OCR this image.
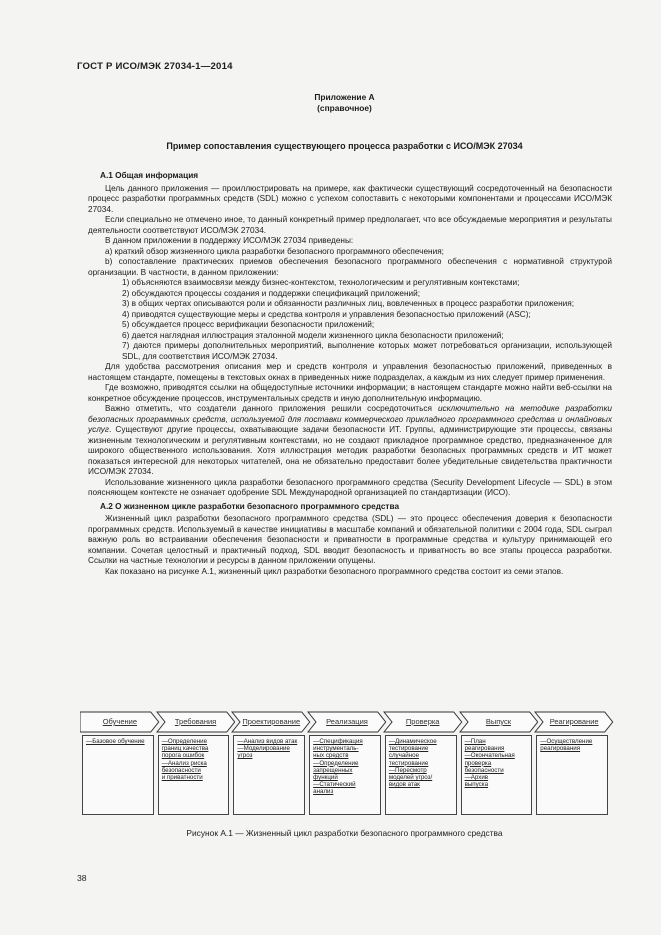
ГОСТ Р ИСО/МЭК 27034-1—2014
Приложение А
(справочное)
Пример сопоставления существующего процесса разработки с ИСО/МЭК 27034

А.1 Общая информация

Цель данного приложения — проиллюстрировать на примере, как фактически существующий сосредоточенный на безопасности процесс разработки программных средств (SDL) можно с успехом сопоставить с некоторыми компонентами и процессами ИСО/МЭК 27034.

Если специально не отмечено иное, то данный конкретный пример предполагает, что все обсуждаемые мероприятия и результаты деятельности соответствуют ИСО/МЭК 27034.

В данном приложении в поддержку ИСО/МЭК 27034 приведены:

a) краткий обзор жизненного цикла разработки безопасного программного обеспечения;

b) сопоставление практических приемов обеспечения безопасного программного обеспечения с нормативной структурой организации. В частности, в данном приложении:

1) объясняются взаимосвязи между бизнес-контекстом, технологическим и регулятивным контекстами;

2) обсуждаются процессы создания и поддержки спецификаций приложений;

3) в общих чертах описываются роли и обязанности различных лиц, вовлеченных в процесс разработки приложения;

4) приводятся существующие меры и средства контроля и управления безопасностью приложений (ASC);

5) обсуждается процесс верификации безопасности приложений;

6) дается наглядная иллюстрация эталонной модели жизненного цикла безопасности приложений;

7) даются примеры дополнительных мероприятий, выполнение которых может потребоваться организации, использующей SDL, для соответствия ИСО/МЭК 27034.

Для удобства рассмотрения описания мер и средств контроля и управления безопасностью приложений, приведенных в настоящем стандарте, помещены в текстовых окнах в приведенных ниже подразделах, а каждым из них следует пример применения.

Где возможно, приводятся ссылки на общедоступные источники информации; в настоящем стандарте можно найти веб-ссылки на конкретное обсуждение процессов, инструментальных средств и иную дополнительную информацию.

Важно отметить, что создатели данного приложения решили сосредоточиться исключительно на методике разработки безопасных программных средств, используемой для поставки коммерческого прикладного программного средства и онлайновых услуг. Существуют другие процессы, охватывающие задачи безопасности ИТ. Группы, администрирующие эти процессы, связаны жизненным технологическим и регулятивным контекстами, но не создают прикладное программное средство, предназначенное для широкого общественного использования. Хотя иллюстрация методик разработки безопасных программных средств и ИТ может показаться интересной для некоторых читателей, она не обязательно предоставит более убедительные свидетельства практичности ИСО/МЭК 27034.

Использование жизненного цикла разработки безопасного программного средства (Security Development Lifecycle — SDL) в этом поясняющем контексте не означает одобрение SDL Международной организацией по стандартизации (ИСО).

А.2 О жизненном цикле разработки безопасного программного средства

Жизненный цикл разработки безопасного программного средства (SDL) — это процесс обеспечения доверия к безопасности программных средств. Используемый в качестве инициативы в масштабе компаний и обязательной политики с 2004 года, SDL сыграл важную роль во встраивании обеспечения безопасности и приватности в программные средства и культуру принимающей его компании. Сочетая целостный и практичный подход, SDL вводит безопасность и приватность во все этапы процесса разработки. Ссылки на частные технологии и ресурсы в данном приложении опущены.

Как показано на рисунке А.1, жизненный цикл разработки безопасного программного средства состоит из семи этапов.

Обучение
—Базовое обучение
Требования
—Определение границ качества
порога ошибок
—Анализ риска безопасности
и приватности
Проектирование
—Анализ видов атак
—Моделирование угроз
Реализация
—Спецификация инструменталь-
ных средств
—Определение
запрещенных
функций
—Статический
анализ
Проверка
—Динамическое
тестирование
случайное
тестирование
—Пересмотр
моделей угроз/
видов атак
Выпуск
—План
реагирования
—Окончательная
проверка
безопасности
—Архив
выпуска
Реагирование
—Осуществление
реагирования
Рисунок А.1 — Жизненный цикл разработки безопасного программного средства
38
